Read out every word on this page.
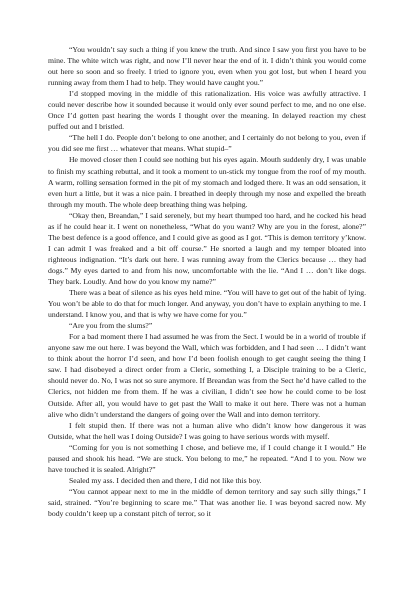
“You wouldn’t say such a thing if you knew the truth. And since I saw you first you have to be mine. The white witch was right, and now I’ll never hear the end of it. I didn’t think you would come out here so soon and so freely. I tried to ignore you, even when you got lost, but when I heard you running away from them I had to help. They would have caught you.”

I’d stopped moving in the middle of this rationalization. His voice was awfully attractive. I could never describe how it sounded because it would only ever sound perfect to me, and no one else. Once I’d gotten past hearing the words I thought over the meaning. In delayed reaction my chest puffed out and I bristled.

“The hell I do. People don’t belong to one another, and I certainly do not belong to you, even if you did see me first … whatever that means. What stupid–”

He moved closer then I could see nothing but his eyes again. Mouth suddenly dry, I was unable to finish my scathing rebuttal, and it took a moment to un-stick my tongue from the roof of my mouth. A warm, rolling sensation formed in the pit of my stomach and lodged there. It was an odd sensation, it even hurt a little, but it was a nice pain. I breathed in deeply through my nose and expelled the breath through my mouth. The whole deep breathing thing was helping.

“Okay then, Breandan,” I said serenely, but my heart thumped too hard, and he cocked his head as if he could hear it. I went on nonetheless, “What do you want? Why are you in the forest, alone?” The best defence is a good offence, and I could give as good as I got. “This is demon territory y’know. I can admit I was freaked and a bit off course.” He snorted a laugh and my temper bloated into righteous indignation. “It’s dark out here. I was running away from the Clerics because … they had dogs.” My eyes darted to and from his now, uncomfortable with the lie. “And I … don’t like dogs. They bark. Loudly. And how do you know my name?”

There was a beat of silence as his eyes held mine. “You will have to get out of the habit of lying. You won’t be able to do that for much longer. And anyway, you don’t have to explain anything to me. I understand. I know you, and that is why we have come for you.”

“Are you from the slums?”

For a bad moment there I had assumed he was from the Sect. I would be in a world of trouble if anyone saw me out here. I was beyond the Wall, which was forbidden, and I had seen … I didn’t want to think about the horror I’d seen, and how I’d been foolish enough to get caught seeing the thing I saw. I had disobeyed a direct order from a Cleric, something I, a Disciple training to be a Cleric, should never do. No, I was not so sure anymore. If Breandan was from the Sect he’d have called to the Clerics, not hidden me from them. If he was a civilian, I didn’t see how he could come to be lost Outside. After all, you would have to get past the Wall to make it out here. There was not a human alive who didn’t understand the dangers of going over the Wall and into demon territory.

I felt stupid then. If there was not a human alive who didn’t know how dangerous it was Outside, what the hell was I doing Outside? I was going to have serious words with myself.

“Coming for you is not something I chose, and believe me, if I could change it I would.” He paused and shook his head. “We are stuck. You belong to me,” he repeated. “And I to you. Now we have touched it is sealed. Alright?”

Sealed my ass. I decided then and there, I did not like this boy.

“You cannot appear next to me in the middle of demon territory and say such silly things,” I said, strained. “You’re beginning to scare me.” That was another lie. I was beyond sacred now. My body couldn’t keep up a constant pitch of terror, so it
